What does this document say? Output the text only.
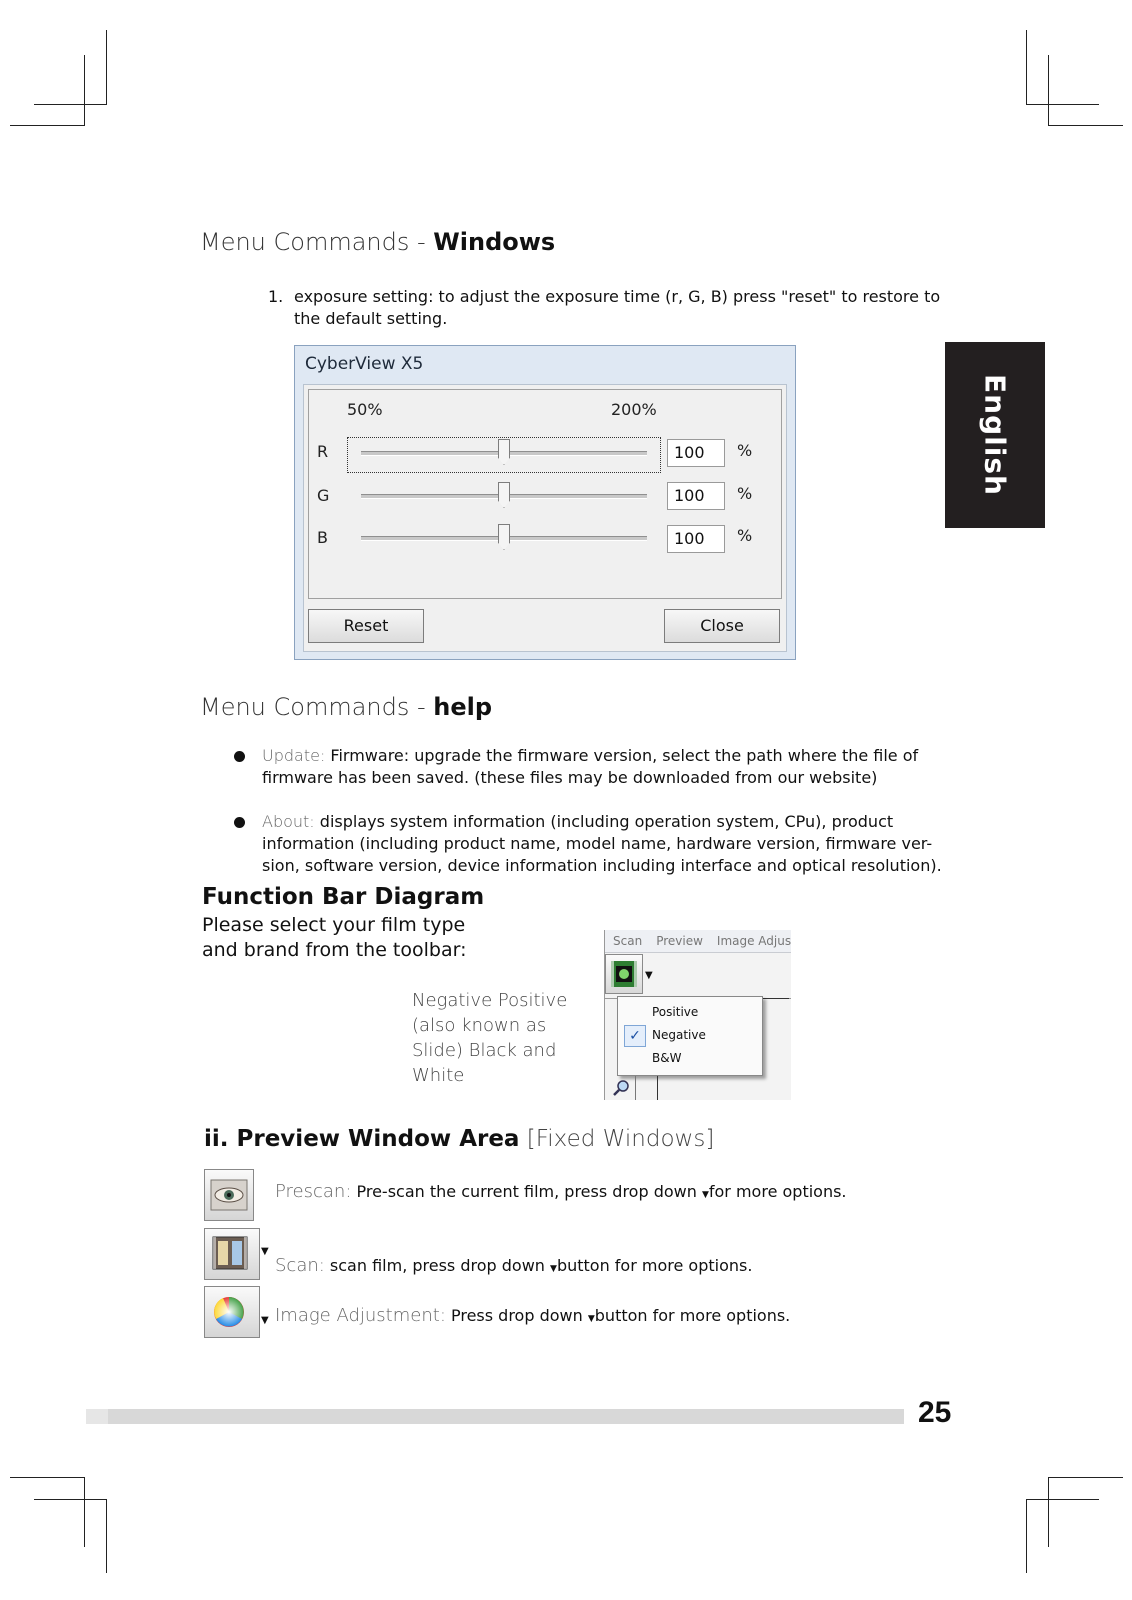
English
Menu Commands - Windows
1. exposure setting: to adjust the exposure time (r, G, B) press "reset" to restore to
the default setting.
CyberView X5
50%	200%
R	100	%
G	100	%
B	100	%
Reset	Close
Menu Commands - help
Update: Firmware: upgrade the firmware version, select the path where the file of
firmware has been saved. (these files may be downloaded from our website)
About: displays system information (including operation system, CPu), product
information (including product name, model name, hardware version, firmware ver-
sion, software version, device information including interface and optical resolution).
Function Bar Diagram
Please select your film type
and brand from the toolbar:
Negative Positive
(also known as
Slide) Black and
White
Scan Preview Image Adjus
▼
Positive
✓ Negative
B&W
ii. Preview Window Area [Fixed Windows]
Prescan: Pre-scan the current film, press drop down ▼for more options.
▼
Scan: scan film, press drop down ▼button for more options.
▼ Image Adjustment: Press drop down ▼button for more options.
25
